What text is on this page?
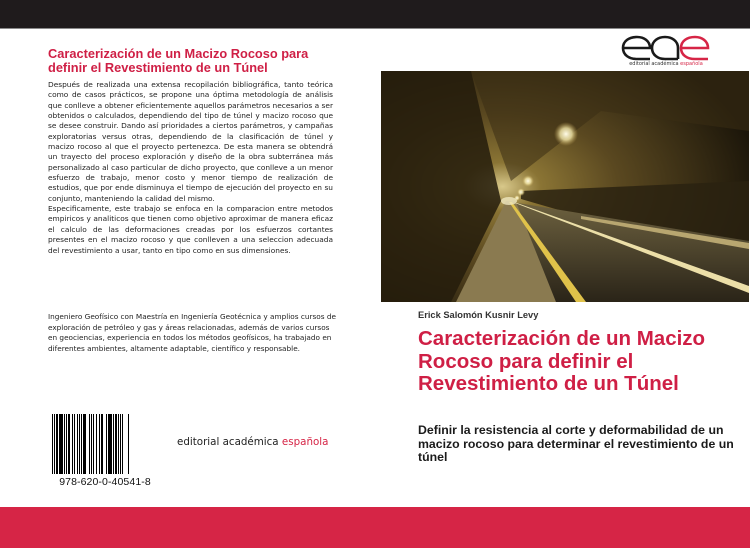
Caracterización de un Macizo Rocoso para definir el Revestimiento de un Túnel

Después de realizada una extensa recopilación bibliográfica, tanto teórica como de casos prácticos, se propone una óptima metodología de análisis que conlleve a obtener eficientemente aquellos parámetros necesarios a ser obtenidos o calculados, dependiendo del tipo de túnel y macizo rocoso que se desee construir. Dando así prioridades a ciertos parámetros, y campañas exploratorias versus otras, dependiendo de la clasificación de túnel y macizo rocoso al que el proyecto pertenezca. De esta manera se obtendrá un trayecto del proceso exploración y diseño de la obra subterránea más personalizado al caso particular de dicho proyecto, que conlleve a un menor esfuerzo de trabajo, menor costo y menor tiempo de realización de estudios, que por ende disminuya el tiempo de ejecución del proyecto en su conjunto, manteniendo la calidad del mismo.

Especificamente, este trabajo se enfoca en la comparacion entre metodos empiricos y analiticos que tienen como objetivo aproximar de manera eficaz el calculo de las deformaciones creadas por los esfuerzos cortantes presentes en el macizo rocoso y que conlleven a una seleccion adecuada del revestimiento a usar, tanto en tipo como en sus dimensiones.

Ingeniero Geofísico con Maestría en Ingeniería Geotécnica y amplios cursos de exploración de petróleo y gas y áreas relacionadas, además de varios cursos en geociencias, experiencia en todos los métodos geofísicos, ha trabajado en diferentes ambientes, altamente adaptable, científico y responsable.

978-620-0-40541-8
editorial académica española
editorial académica española
Erick Salomón Kusnir Levy
Caracterización de un Macizo Rocoso para definir el Revestimiento de un Túnel
Definir la resistencia al corte y deformabilidad de un macizo rocoso para determinar el revestimiento de un túnel
